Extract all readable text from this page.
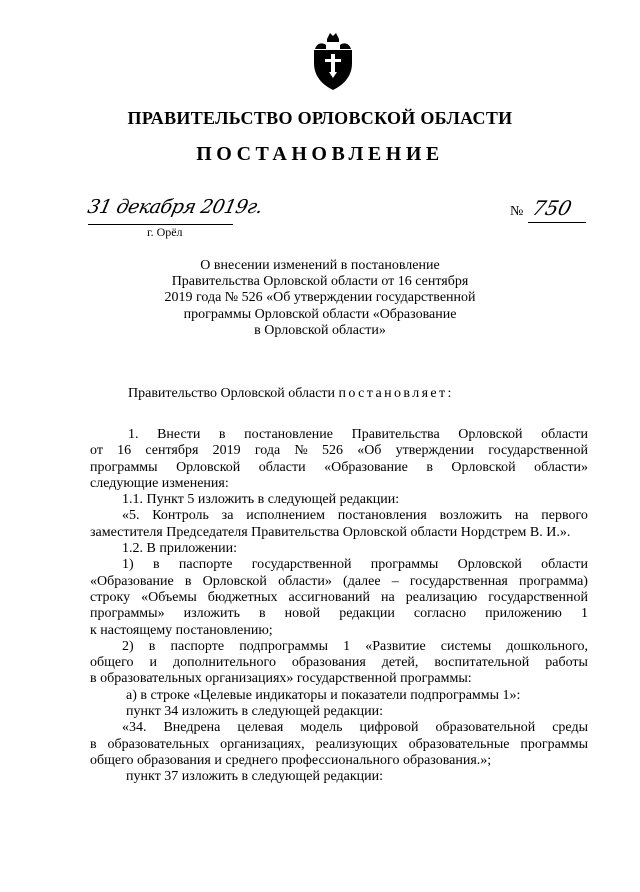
ПРАВИТЕЛЬСТВО ОРЛОВСКОЙ ОБЛАСТИ
ПОСТАНОВЛЕНИЕ
31 декабря 2019г.
г. Орёл
№ 750
О внесении изменений в постановление
Правительства Орловской области от 16 сентября
2019 года № 526 «Об утверждении государственной
программы Орловской области «Образование
в Орловской области»
Правительство Орловской области постановляет:
1. Внести в постановление Правительства Орловской области
от 16 сентября 2019 года № 526 «Об утверждении государственной
программы Орловской области «Образование в Орловской области»
следующие изменения:
1.1. Пункт 5 изложить в следующей редакции:
«5. Контроль за исполнением постановления возложить на первого
заместителя Председателя Правительства Орловской области Нордстрем В. И.».
1.2. В приложении:
1) в паспорте государственной программы Орловской области
«Образование в Орловской области» (далее – государственная программа)
строку «Объемы бюджетных ассигнований на реализацию государственной
программы» изложить в новой редакции согласно приложению 1
к настоящему постановлению;
2) в паспорте подпрограммы 1 «Развитие системы дошкольного,
общего и дополнительного образования детей, воспитательной работы
в образовательных организациях» государственной программы:
а) в строке «Целевые индикаторы и показатели подпрограммы 1»:
пункт 34 изложить в следующей редакции:
«34. Внедрена целевая модель цифровой образовательной среды
в образовательных организациях, реализующих образовательные программы
общего образования и среднего профессионального образования.»;
пункт 37 изложить в следующей редакции:
